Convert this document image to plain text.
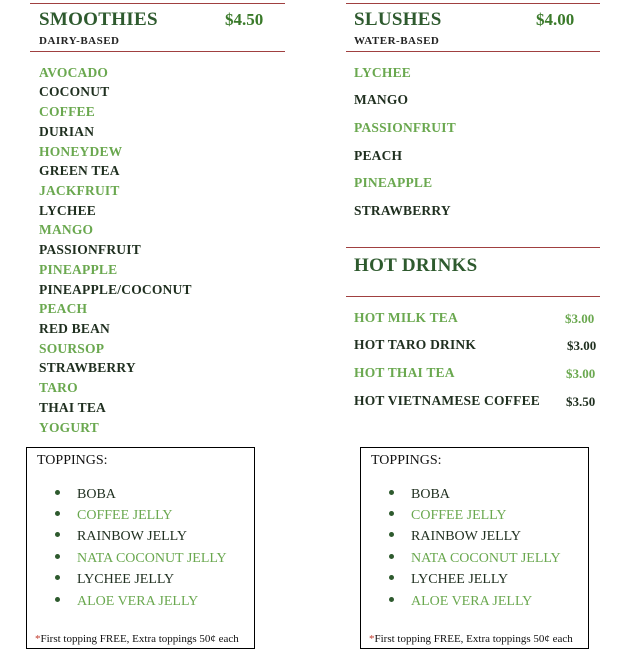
SMOOTHIES	$4.50
DAIRY-BASED
AVOCADO
COCONUT
COFFEE
DURIAN
HONEYDEW
GREEN TEA
JACKFRUIT
LYCHEE
MANGO
PASSIONFRUIT
PINEAPPLE
PINEAPPLE/COCONUT
PEACH
RED BEAN
SOURSOP
STRAWBERRY
TARO
THAI TEA
YOGURT
SLUSHES	$4.00
WATER-BASED
LYCHEE
MANGO
PASSIONFRUIT
PEACH
PINEAPPLE
STRAWBERRY
HOT DRINKS
HOT MILK TEA	$3.00
HOT TARO DRINK	$3.00
HOT THAI TEA	$3.00
HOT VIETNAMESE COFFEE $3.50
TOPPINGS:
BOBA
COFFEE JELLY
RAINBOW JELLY
NATA COCONUT JELLY
LYCHEE JELLY
ALOE VERA JELLY
*First topping FREE, Extra toppings 50¢ each
TOPPINGS:
BOBA
COFFEE JELLY
RAINBOW JELLY
NATA COCONUT JELLY
LYCHEE JELLY
ALOE VERA JELLY
*First topping FREE, Extra toppings 50¢ each
